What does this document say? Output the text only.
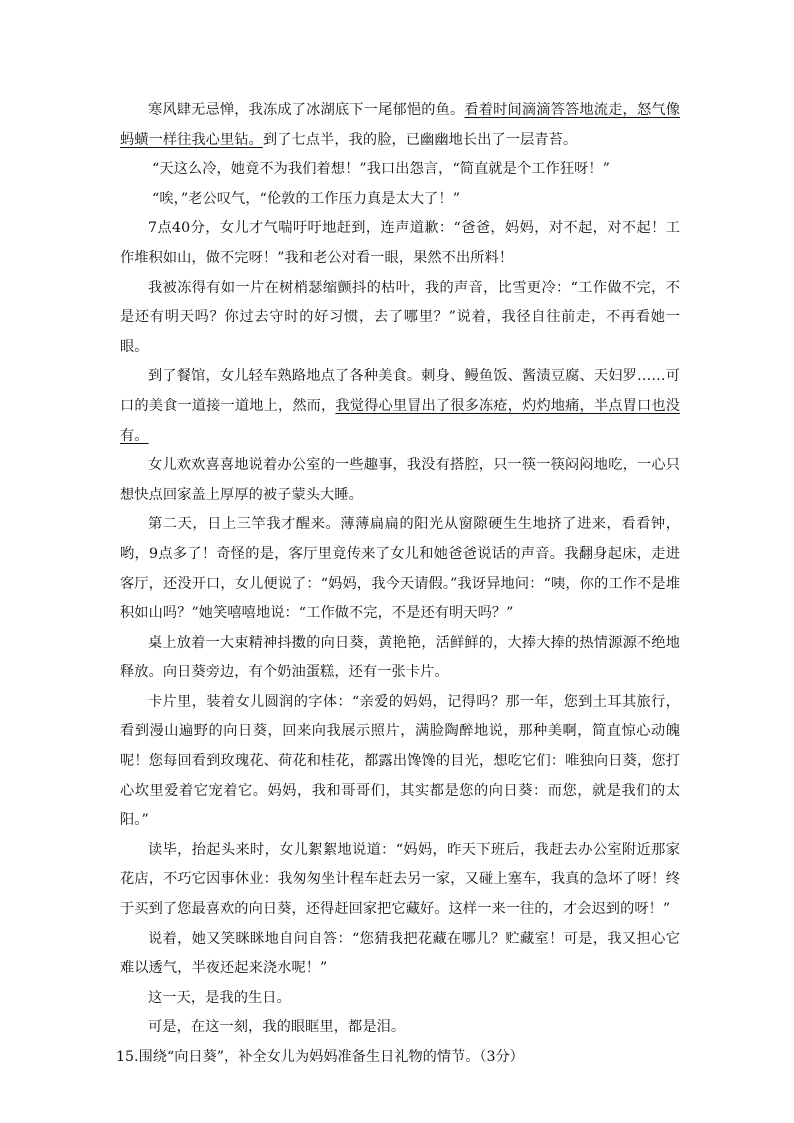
寒风肆无忌惮，我冻成了冰湖底下一尾郁悒的鱼。看着时间滴滴答答地流走，怒气像蚂蟥一样往我心里钻。到了七点半，我的脸，已幽幽地长出了一层青苔。

“天这么冷，她竟不为我们着想！”我口出怨言，“简直就是个工作狂呀！”

“唉，”老公叹气，“伦敦的工作压力真是太大了！”

7点40分，女儿才气喘吁吁地赶到，连声道歉：“爸爸，妈妈，对不起，对不起！工作堆积如山，做不完呀！”我和老公对看一眼，果然不出所料！

我被冻得有如一片在树梢瑟缩颤抖的枯叶，我的声音，比雪更冷：“工作做不完，不是还有明天吗？你过去守时的好习惯，去了哪里？”说着，我径自往前走，不再看她一眼。

到了餐馆，女儿轻车熟路地点了各种美食。刺身、鳗鱼饭、酱渍豆腐、天妇罗……可口的美食一道接一道地上，然而，我觉得心里冒出了很多冻疮，灼灼地痛，半点胃口也没有。

女儿欢欢喜喜地说着办公室的一些趣事，我没有搭腔，只一筷一筷闷闷地吃，一心只想快点回家盖上厚厚的被子蒙头大睡。

第二天，日上三竿我才醒来。薄薄扁扁的阳光从窗隙硬生生地挤了进来，看看钟，哟，9点多了！奇怪的是，客厅里竟传来了女儿和她爸爸说话的声音。我翻身起床，走进客厅，还没开口，女儿便说了：“妈妈，我今天请假。”我讶异地问：“咦，你的工作不是堆积如山吗？”她笑嘻嘻地说：“工作做不完，不是还有明天吗？”

桌上放着一大束精神抖擞的向日葵，黄艳艳，活鲜鲜的，大捧大捧的热情源源不绝地释放。向日葵旁边，有个奶油蛋糕，还有一张卡片。

卡片里，装着女儿圆润的字体：“亲爱的妈妈，记得吗？那一年，您到土耳其旅行，看到漫山遍野的向日葵，回来向我展示照片，满脸陶醉地说，那种美啊，简直惊心动魄呢！您每回看到玫瑰花、荷花和桂花，都露出馋馋的目光，想吃它们：唯独向日葵，您打心坎里爱着它宠着它。妈妈，我和哥哥们，其实都是您的向日葵：而您，就是我们的太阳。”

读毕，抬起头来时，女儿絮絮地说道：“妈妈，昨天下班后，我赶去办公室附近那家花店，不巧它因事休业：我匆匆坐计程车赶去另一家，又碰上塞车，我真的急坏了呀！终于买到了您最喜欢的向日葵，还得赶回家把它藏好。这样一来一往的，才会迟到的呀！”

说着，她又笑眯眯地自问自答：“您猜我把花藏在哪儿？贮藏室！可是，我又担心它难以透气，半夜还起来浇水呢！”

这一天，是我的生日。

可是，在这一刻，我的眼眶里，都是泪。

15.围绕“向日葵”，补全女儿为妈妈准备生日礼物的情节。（3分）
